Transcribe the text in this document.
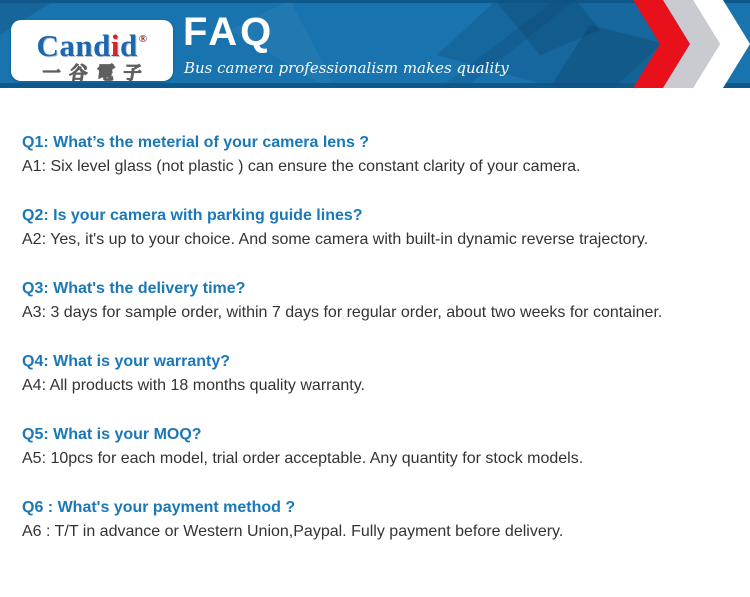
Candid®
一谷電子
FAQ
Bus camera professionalism makes quality

Q1: What’s the meterial of your camera lens ?

A1: Six level glass (not plastic ) can ensure the constant clarity of your camera.

Q2: Is your camera with parking guide lines?

A2: Yes, it's up to your choice. And some camera with built-in dynamic reverse trajectory.

Q3: What's the delivery time?

A3: 3 days for sample order, within 7 days for regular order, about two weeks for container.

Q4: What is your warranty?

A4: All products with 18 months quality warranty.

Q5: What is your MOQ?

A5: 10pcs for each model, trial order acceptable. Any quantity for stock models.

Q6 : What's your payment method ?

A6 : T/T in advance or Western Union,Paypal. Fully payment before delivery.
